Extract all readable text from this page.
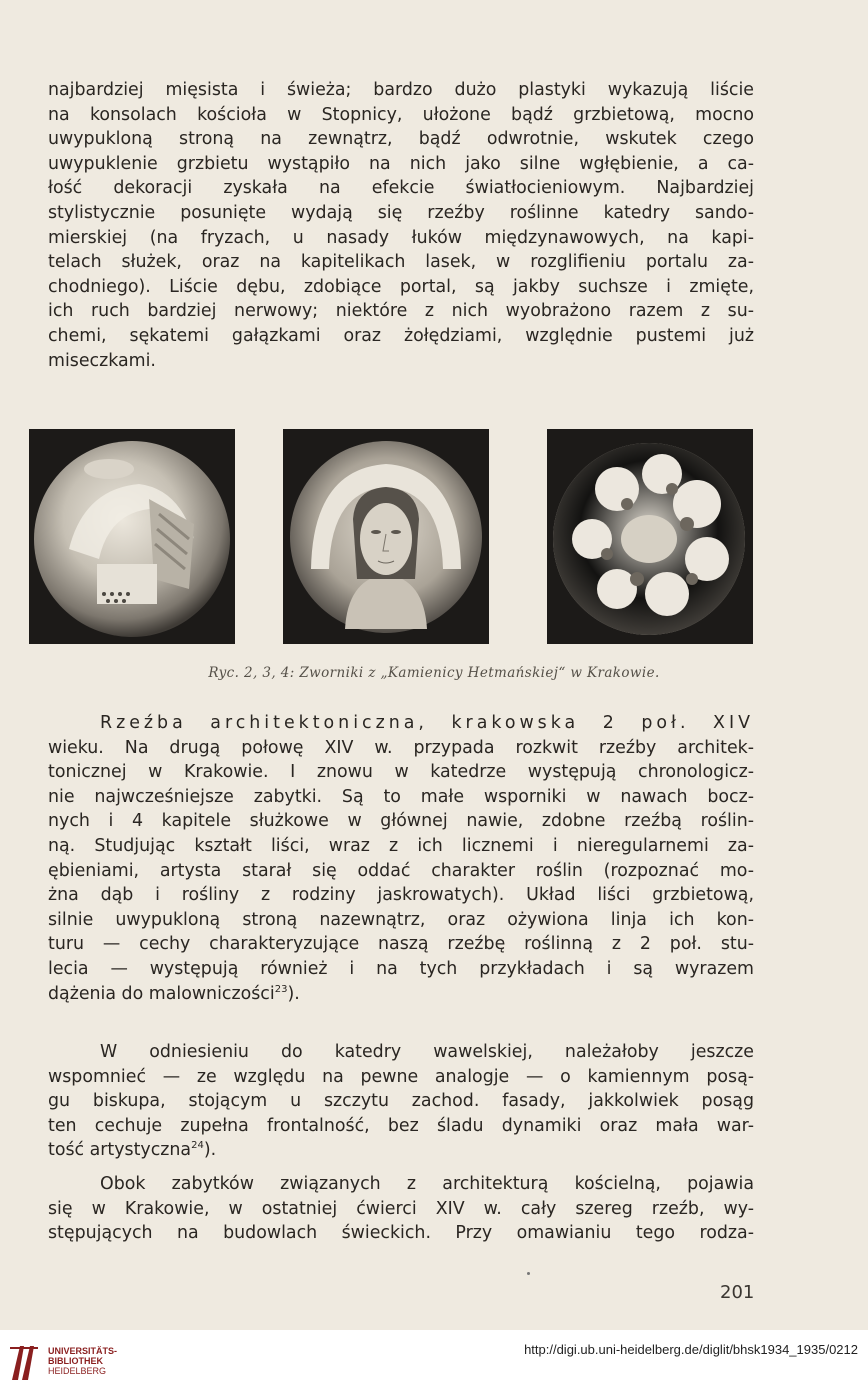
najbardziej mięsista i świeża; bardzo dużo plastyki wykazują liście
na konsolach kościoła w Stopnicy, ułożone bądź grzbietową, mocno
uwypukloną stroną na zewnątrz, bądź odwrotnie, wskutek czego
uwypuklenie grzbietu wystąpiło na nich jako silne wgłębienie, a ca-
łość dekoracji zyskała na efekcie światłocieniowym. Najbardziej
stylistycznie posunięte wydają się rzeźby roślinne katedry sando-
mierskiej (na fryzach, u nasady łuków międzynawowych, na kapi-
telach służek, oraz na kapitelikach lasek, w rozglifieniu portalu za-
chodniego). Liście dębu, zdobiące portal, są jakby suchsze i zmięte,
ich ruch bardziej nerwowy; niektóre z nich wyobrażono razem z su-
chemi, sękatemi gałązkami oraz żołędziami, względnie pustemi już
miseczkami.
Ryc. 2, 3, 4: Zworniki z „Kamienicy Hetmańskiej“ w Krakowie.
Rzeźba architektoniczna, krakowska 2 poł. XIV
wieku. Na drugą połowę XIV w. przypada rozkwit rzeźby architek-
tonicznej w Krakowie. I znowu w katedrze występują chronologicz-
nie najwcześniejsze zabytki. Są to małe wsporniki w nawach bocz-
nych i 4 kapitele służkowe w głównej nawie, zdobne rzeźbą roślin-
ną. Studjując kształt liści, wraz z ich licznemi i nieregularnemi za-
ębieniami, artysta starał się oddać charakter roślin (rozpoznać mo-
żna dąb i rośliny z rodziny jaskrowatych). Układ liści grzbietową,
silnie uwypukloną stroną nazewnątrz, oraz ożywiona linja ich kon-
turu — cechy charakteryzujące naszą rzeźbę roślinną z 2 poł. stu-
lecia — występują również i na tych przykładach i są wyrazem
dążenia do malowniczości$^{23}$).
W odniesieniu do katedry wawelskiej, należałoby jeszcze
wspomnieć — ze względu na pewne analogje — o kamiennym posą-
gu biskupa, stojącym u szczytu zachod. fasady, jakkolwiek posąg
ten cechuje zupełna frontalność, bez śladu dynamiki oraz mała war-
tość artystyczna$^{24}$).
Obok zabytków związanych z architekturą kościelną, pojawia
się w Krakowie, w ostatniej ćwierci XIV w. cały szereg rzeźb, wy-
stępujących na budowlach świeckich. Przy omawianiu tego rodza-
201
UNIVERSITÄTS-
BIBLIOTHEK
HEIDELBERG
http://digi.ub.uni-heidelberg.de/diglit/bhsk1934_1935/0212
